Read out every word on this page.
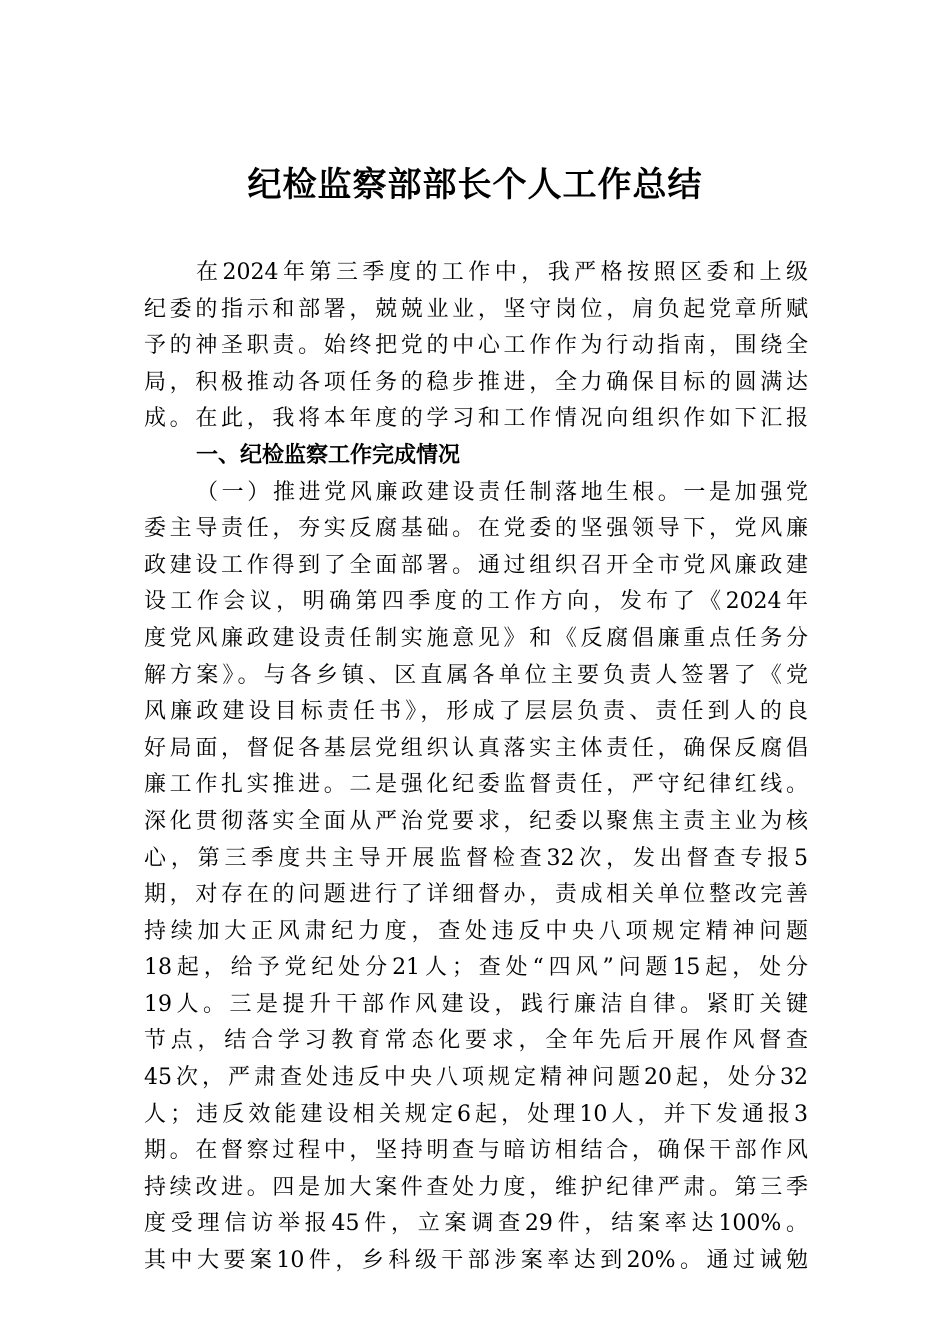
纪检监察部部长个人工作总结
在2024年第三季度的工作中，我严格按照区委和上级
纪委的指示和部署，兢兢业业，坚守岗位，肩负起党章所赋
予的神圣职责。始终把党的中心工作作为行动指南，围绕全
局，积极推动各项任务的稳步推进，全力确保目标的圆满达
成。在此，我将本年度的学习和工作情况向组织作如下汇报
一、纪检监察工作完成情况
（一）推进党风廉政建设责任制落地生根。一是加强党
委主导责任，夯实反腐基础。在党委的坚强领导下，党风廉
政建设工作得到了全面部署。通过组织召开全市党风廉政建
设工作会议，明确第四季度的工作方向，发布了《2024年
度党风廉政建设责任制实施意见》和《反腐倡廉重点任务分
解方案》。与各乡镇、区直属各单位主要负责人签署了《党
风廉政建设目标责任书》，形成了层层负责、责任到人的良
好局面，督促各基层党组织认真落实主体责任，确保反腐倡
廉工作扎实推进。二是强化纪委监督责任，严守纪律红线。
深化贯彻落实全面从严治党要求，纪委以聚焦主责主业为核
心，第三季度共主导开展监督检查32次，发出督查专报5
期，对存在的问题进行了详细督办，责成相关单位整改完善
持续加大正风肃纪力度，查处违反中央八项规定精神问题
18起，给予党纪处分21人；查处“四风”问题15起，处分
19人。三是提升干部作风建设，践行廉洁自律。紧盯关键
节点，结合学习教育常态化要求，全年先后开展作风督查
45次，严肃查处违反中央八项规定精神问题20起，处分32
人；违反效能建设相关规定6起，处理10人，并下发通报3
期。在督察过程中，坚持明查与暗访相结合，确保干部作风
持续改进。四是加大案件查处力度，维护纪律严肃。第三季
度受理信访举报45件，立案调查29件，结案率达100%。
其中大要案10件，乡科级干部涉案率达到20%。通过诫勉
